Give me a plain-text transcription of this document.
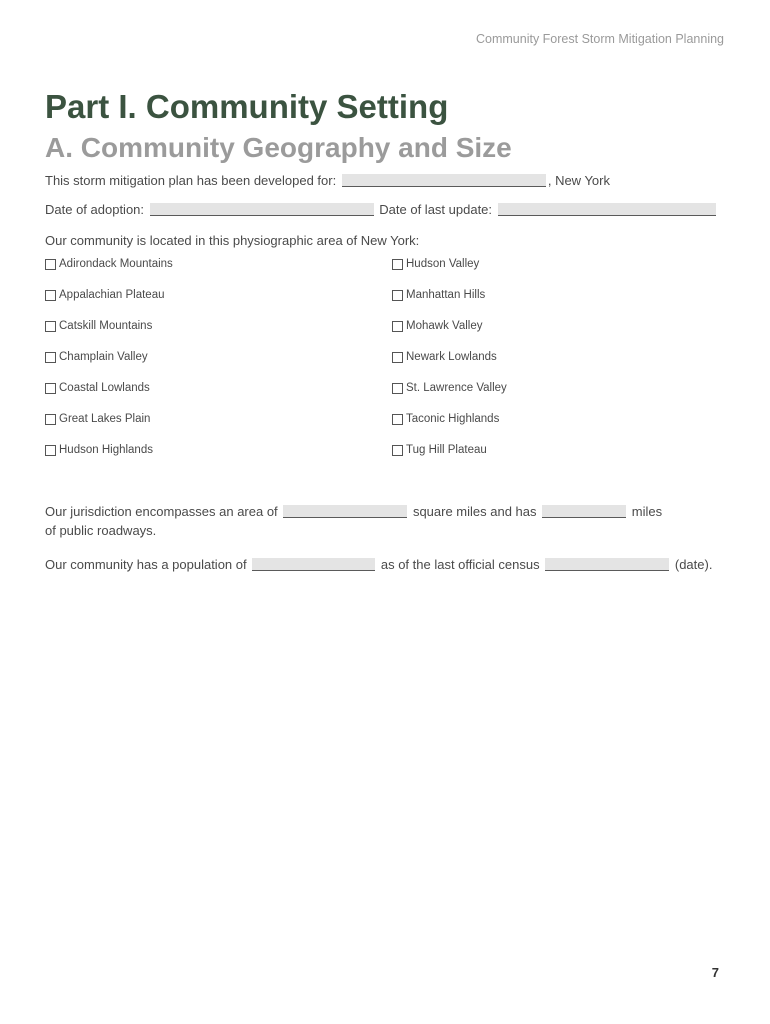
Community Forest Storm Mitigation Planning
Part I. Community Setting
A. Community Geography and Size
This storm mitigation plan has been developed for:	, New York
Date of adoption:	Date of last update:
Our community is located in this physiographic area of New York:
Adirondack Mountains	Hudson Valley
Appalachian Plateau	Manhattan Hills
Catskill Mountains	Mohawk Valley
Champlain Valley	Newark Lowlands
Coastal Lowlands	St. Lawrence Valley
Great Lakes Plain	Taconic Highlands
Hudson Highlands	Tug Hill Plateau
Our jurisdiction encompasses an area of	square miles and has	miles
of public roadways.
Our community has a population of	as of the last official census	(date).
7
